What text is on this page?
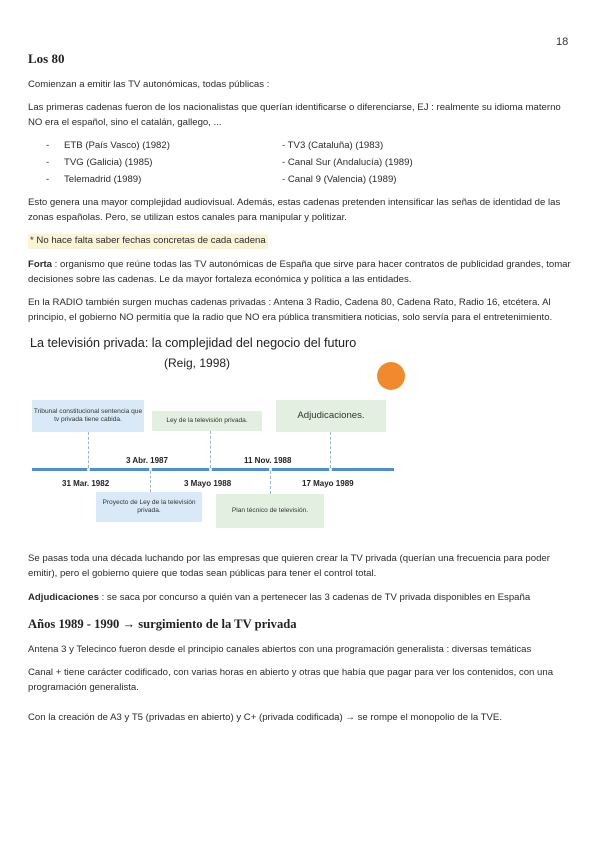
18
Los 80

Comienzan a emitir las TV autonómicas, todas públicas :

Las primeras cadenas fueron de los nacionalistas que querían identificarse o diferenciarse, EJ : realmente su idioma materno NO era el español, sino el catalán, gallego, ...

-	ETB (País Vasco) (1982)	- TV3 (Cataluña) (1983)
-	TVG (Galicia) (1985)	- Canal Sur (Andalucía) (1989)
-	Telemadrid (1989)	- Canal 9 (Valencia) (1989)

Esto genera una mayor complejidad audiovisual. Además, estas cadenas pretenden intensificar las señas de identidad de las zonas españolas. Pero, se utilizan estos canales para manipular y politizar.

* No hace falta saber fechas concretas de cada cadena

Forta : organismo que reúne todas las TV autonómicas de España que sirve para hacer contratos de publicidad grandes, tomar decisiones sobre las cadenas. Le da mayor fortaleza económica y política a las entidades.

En la RADIO también surgen muchas cadenas privadas : Antena 3 Radio, Cadena 80, Cadena Rato, Radio 16, etcétera. Al principio, el gobierno NO permitía que la radio que NO era pública transmitiera noticias, solo servía para el entretenimiento.

La televisión privada: la complejidad del negocio del futuro
(Reig, 1998)
Tribunal constitucional sentencia que tv privada tiene cabida.	Ley de la televisión privada.	Adjudicaciones.
3 Abr. 1987	11 Nov. 1988
31 Mar. 1982	3 Mayo 1988	17 Mayo 1989
Proyecto de Ley de la televisión privada.	Plan técnico de televisión.

Se pasas toda una década luchando por las empresas que quieren crear la TV privada (querían una frecuencia para poder emitir), pero el gobierno quiere que todas sean públicas para tener el control total.

Adjudicaciones : se saca por concurso a quién van a pertenecer las 3 cadenas de TV privada disponibles en España

Años 1989 - 1990 → surgimiento de la TV privada

Antena 3 y Telecinco fueron desde el principio canales abiertos con una programación generalista : diversas temáticas

Canal + tiene carácter codificado, con varias horas en abierto y otras que había que pagar para ver los contenidos, con una programación generalista.

Con la creación de A3 y T5 (privadas en abierto) y C+ (privada codificada) → se rompe el monopolio de la TVE.
